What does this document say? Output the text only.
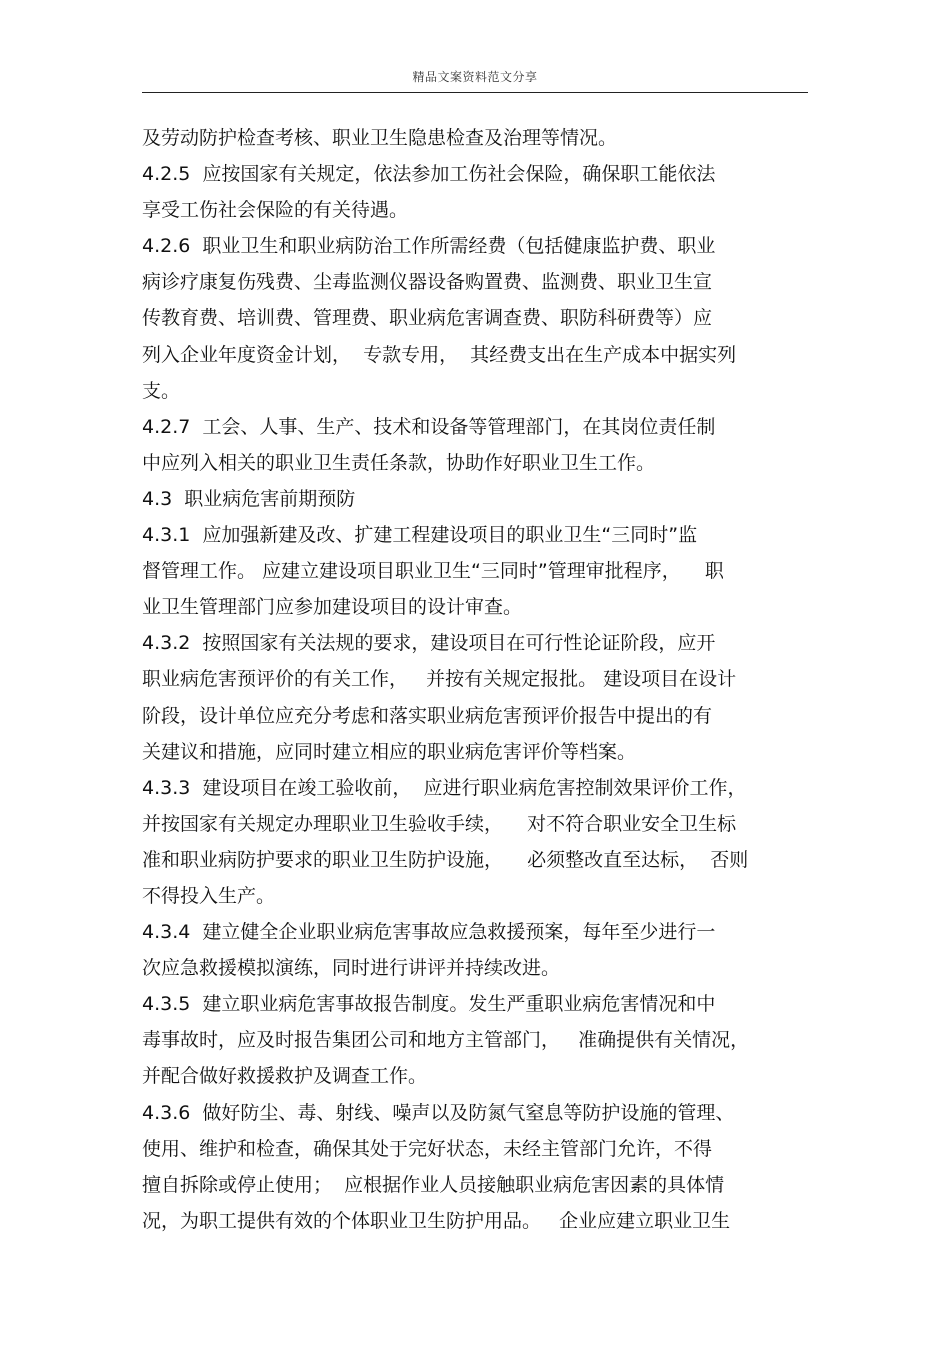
精品文案资料范文分享
及劳动防护检查考核、职业卫生隐患检查及治理等情况。
4.2.5  应按国家有关规定，依法参加工伤社会保险，确保职工能依法
享受工伤社会保险的有关待遇。
4.2.6  职业卫生和职业病防治工作所需经费（包括健康监护费、职业
病诊疗康复伤残费、尘毒监测仪器设备购置费、监测费、职业卫生宣
传教育费、培训费、管理费、职业病危害调查费、职防科研费等）应
列入企业年度资金计划，  专款专用，  其经费支出在生产成本中据实列
支。
4.2.7  工会、人事、生产、技术和设备等管理部门，在其岗位责任制
中应列入相关的职业卫生责任条款，协助作好职业卫生工作。
4.3  职业病危害前期预防
4.3.1  应加强新建及改、扩建工程建设项目的职业卫生“三同时”监
督管理工作。 应建立建设项目职业卫生“三同时”管理审批程序，    职
业卫生管理部门应参加建设项目的设计审查。
4.3.2  按照国家有关法规的要求，建设项目在可行性论证阶段，应开
职业病危害预评价的有关工作，   并按有关规定报批。 建设项目在设计
阶段，设计单位应充分考虑和落实职业病危害预评价报告中提出的有
关建议和措施，应同时建立相应的职业病危害评价等档案。
4.3.3  建设项目在竣工验收前，  应进行职业病危害控制效果评价工作，
并按国家有关规定办理职业卫生验收手续，    对不符合职业安全卫生标
准和职业病防护要求的职业卫生防护设施，    必须整改直至达标，  否则
不得投入生产。
4.3.4  建立健全企业职业病危害事故应急救援预案，每年至少进行一
次应急救援模拟演练，同时进行讲评并持续改进。
4.3.5  建立职业病危害事故报告制度。发生严重职业病危害情况和中
毒事故时，应及时报告集团公司和地方主管部门，   准确提供有关情况，
并配合做好救援救护及调查工作。
4.3.6  做好防尘、毒、射线、噪声以及防氮气窒息等防护设施的管理、
使用、维护和检查，确保其处于完好状态，未经主管部门允许，不得
擅自拆除或停止使用；  应根据作业人员接触职业病危害因素的具体情
况，为职工提供有效的个体职业卫生防护用品。   企业应建立职业卫生
